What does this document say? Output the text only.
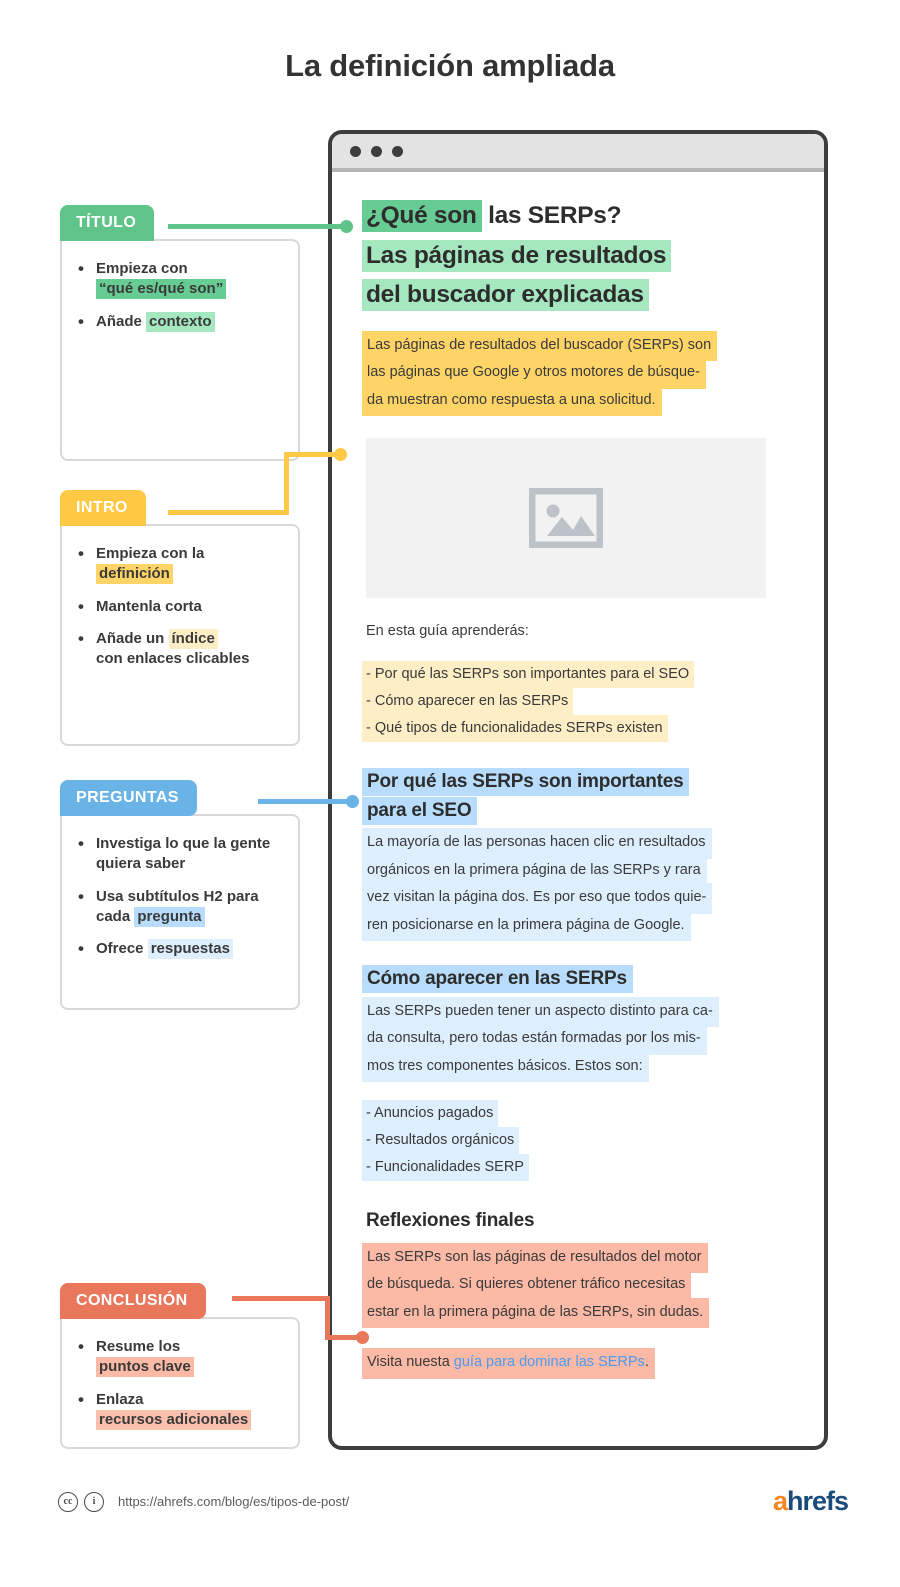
La definición ampliada
¿Qué son las SERPs?
Las páginas de resultados
del buscador explicadas
Las páginas de resultados del buscador (SERPs) son
las páginas que Google y otros motores de búsque-
da muestran como respuesta a una solicitud.
En esta guía aprenderás:
- Por qué las SERPs son importantes para el SEO
- Cómo aparecer en las SERPs
- Qué tipos de funcionalidades SERPs existen
Por qué las SERPs son importantes
para el SEO
La mayoría de las personas hacen clic en resultados
orgánicos en la primera página de las SERPs y rara
vez visitan la página dos. Es por eso que todos quie-
ren posicionarse en la primera página de Google.
Cómo aparecer en las SERPs
Las SERPs pueden tener un aspecto distinto para ca-
da consulta, pero todas están formadas por los mis-
mos tres componentes básicos. Estos son:
- Anuncios pagados
- Resultados orgánicos
- Funcionalidades SERP
Reflexiones finales
Las SERPs son las páginas de resultados del motor
de búsqueda. Si quieres obtener tráfico necesitas
estar en la primera página de las SERPs, sin dudas.
Visita nuesta guía para dominar las SERPs.
TÍTULO
• Empieza con
“qué es/qué son”
• Añade contexto
INTRO
• Empieza con la
definición
• Mantenla corta
• Añade un índice
con enlaces clicables
PREGUNTAS
• Investiga lo que la gente quiera saber
• Usa subtítulos H2 para cada pregunta
• Ofrece respuestas
CONCLUSIÓN
• Resume los
puntos clave
• Enlaza
recursos adicionales
cc	i	https://ahrefs.com/blog/es/tipos-de-post/	ahrefs
